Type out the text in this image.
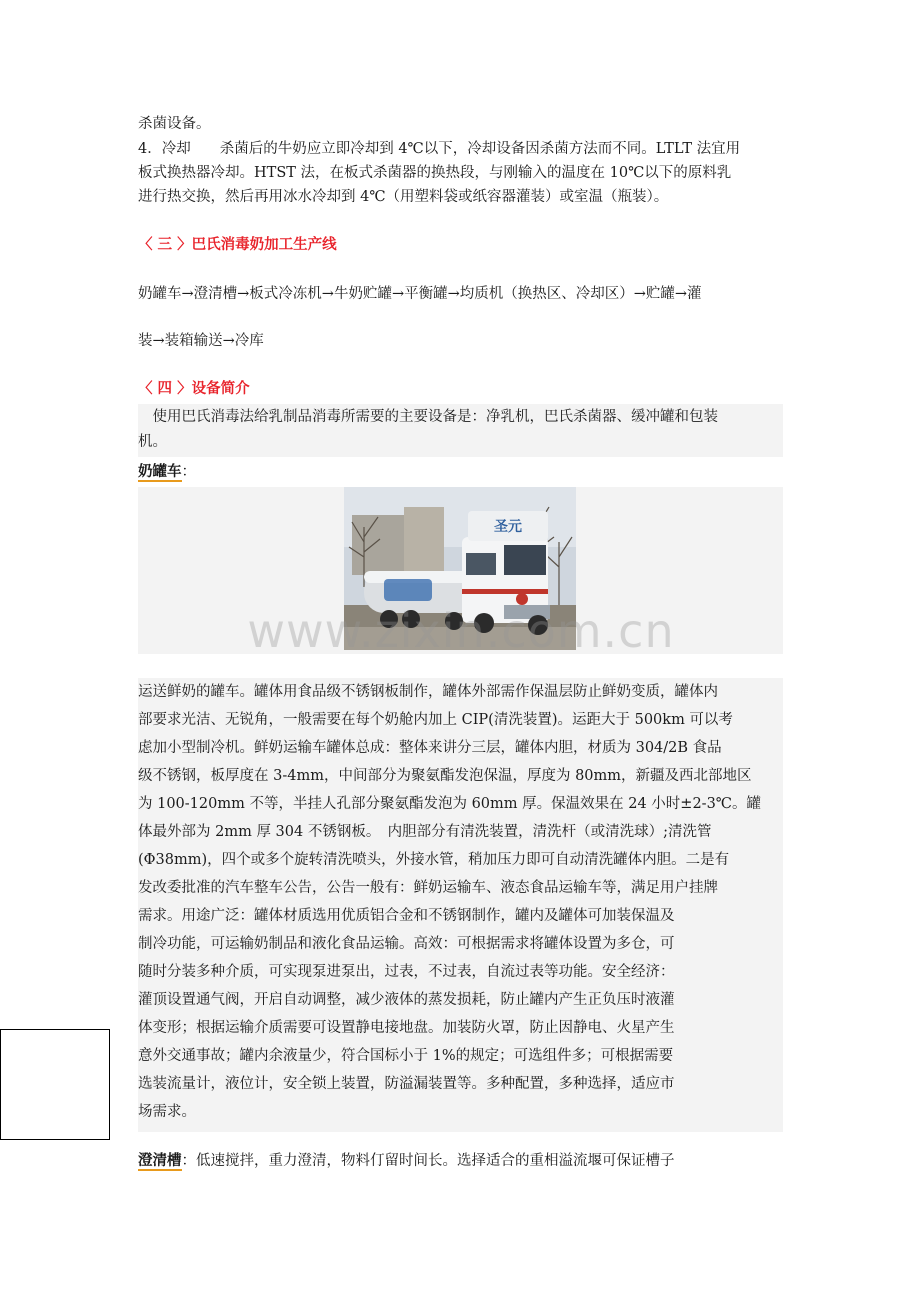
杀菌设备。
4．冷却　　杀菌后的牛奶应立即冷却到 4℃以下，冷却设备因杀菌方法而不同。LTLT 法宜用
板式换热器冷却。HTST 法，在板式杀菌器的换热段，与刚输入的温度在 10℃以下的原料乳
进行热交换，然后再用冰水冷却到 4℃（用塑料袋或纸容器灌装）或室温（瓶装）。
〈 三 〉巴氏消毒奶加工生产线
奶罐车→澄清槽→板式冷冻机→牛奶贮罐→平衡罐→均质机（换热区、冷却区）→贮罐→灌
装→装箱输送→冷库
〈 四 〉设备简介
　使用巴氏消毒法给乳制品消毒所需要的主要设备是：净乳机，巴氏杀菌器、缓冲罐和包装
机。
奶罐车：
圣元
www.zixin.com.cn
运送鲜奶的罐车。罐体用食品级不锈钢板制作，罐体外部需作保温层防止鲜奶变质，罐体内
部要求光洁、无锐角，一般需要在每个奶舱内加上 CIP(清洗装置)。运距大于 500km 可以考
虑加小型制冷机。鲜奶运输车罐体总成：整体来讲分三层，罐体内胆，材质为 304/2B 食品
级不锈钢，板厚度在 3-4mm，中间部分为聚氨酯发泡保温，厚度为 80mm，新疆及西北部地区
为 100-120mm 不等，半挂人孔部分聚氨酯发泡为 60mm 厚。保温效果在 24 小时±2-3℃。罐
体最外部为 2mm 厚 304 不锈钢板。　内胆部分有清洗装置，清洗杆（或清洗球）;清洗管
(Φ38mm)，四个或多个旋转清洗喷头，外接水管，稍加压力即可自动清洗罐体内胆。二是有
发改委批准的汽车整车公告，公告一般有：鲜奶运输车、液态食品运输车等，满足用户挂牌
需求。用途广泛：罐体材质选用优质铝合金和不锈钢制作，罐内及罐体可加装保温及
制冷功能，可运输奶制品和液化食品运输。高效：可根据需求将罐体设置为多仓，可
随时分装多种介质，可实现泵进泵出，过表，不过表，自流过表等功能。安全经济：
灌顶设置通气阀，开启自动调整，减少液体的蒸发损耗，防止罐内产生正负压时液灌
体变形；根据运输介质需要可设置静电接地盘。加装防火罩，防止因静电、火星产生
意外交通事故；罐内余液量少，符合国标小于 1%的规定；可选组件多；可根据需要
选装流量计，液位计，安全锁上装置，防溢漏装置等。多种配置，多种选择，适应市
场需求。
澄清槽：低速搅拌，重力澄清，物料仃留时间长。选择适合的重相溢流堰可保证槽子
